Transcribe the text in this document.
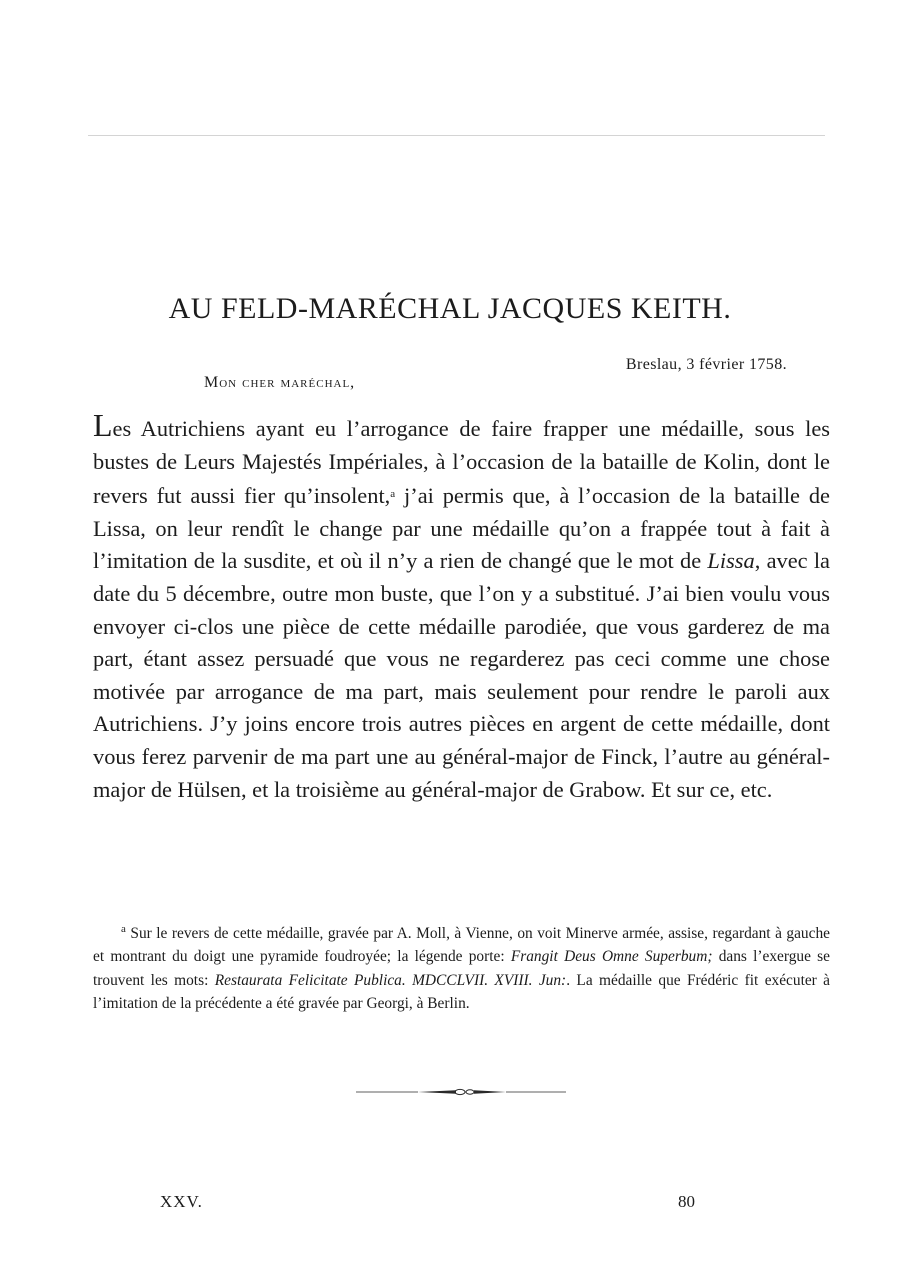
AU FELD-MARÉCHAL JACQUES KEITH.
Breslau, 3 février 1758.
Mon cher maréchal,

Les Autrichiens ayant eu l’arrogance de faire frapper une médaille, sous les bustes de Leurs Majestés Impériales, à l’occasion de la bataille de Kolin, dont le revers fut aussi fier qu’insolent,$^a$ j’ai permis que, à l’occasion de la bataille de Lissa, on leur rendît le change par une médaille qu’on a frappée tout à fait à l’imitation de la susdite, et où il n’y a rien de changé que le mot de Lissa, avec la date du 5 décembre, outre mon buste, que l’on y a substitué. J’ai bien voulu vous envoyer ci-clos une pièce de cette médaille parodiée, que vous garderez de ma part, étant assez persuadé que vous ne regarderez pas ceci comme une chose motivée par arrogance de ma part, mais seulement pour rendre le paroli aux Autrichiens. J’y joins encore trois autres pièces en argent de cette médaille, dont vous ferez parvenir de ma part une au général-major de Finck, l’autre au général-major de Hülsen, et la troisième au général-major de Grabow. Et sur ce, etc.

$^a$ Sur le revers de cette médaille, gravée par A. Moll, à Vienne, on voit Minerve armée, assise, regardant à gauche et montrant du doigt une pyramide foudroyée; la légende porte: Frangit Deus Omne Superbum; dans l’exergue se trouvent les mots: Restaurata Felicitate Publica. MDCCLVII. XVIII. Jun:. La médaille que Frédéric fit exécuter à l’imitation de la précédente a été gravée par Georgi, à Berlin.

XXV.	80
